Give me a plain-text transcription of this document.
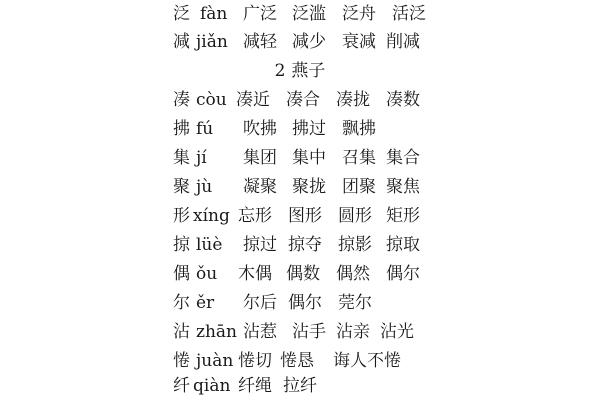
泛 fàn 广泛 泛滥 泛舟 活泛
减 jiǎn 减轻 减少 衰减 削减
2 燕子
凑 còu 凑近 凑合 凑拢 凑数
拂 fú 吹拂 拂过 飘拂
集 jí 集团 集中 召集 集合
聚 jù 凝聚 聚拢 团聚 聚焦
形 xíng 忘形 图形 圆形 矩形
掠 lüè 掠过 掠夺 掠影 掠取
偶 ǒu 木偶 偶数 偶然 偶尔
尔 ěr 尔后 偶尔 莞尔
沾 zhān 沾惹 沾手 沾亲 沾光
惓 juàn 惓切 惓恳 诲人不惓
纤 qiàn 纤绳 拉纤
